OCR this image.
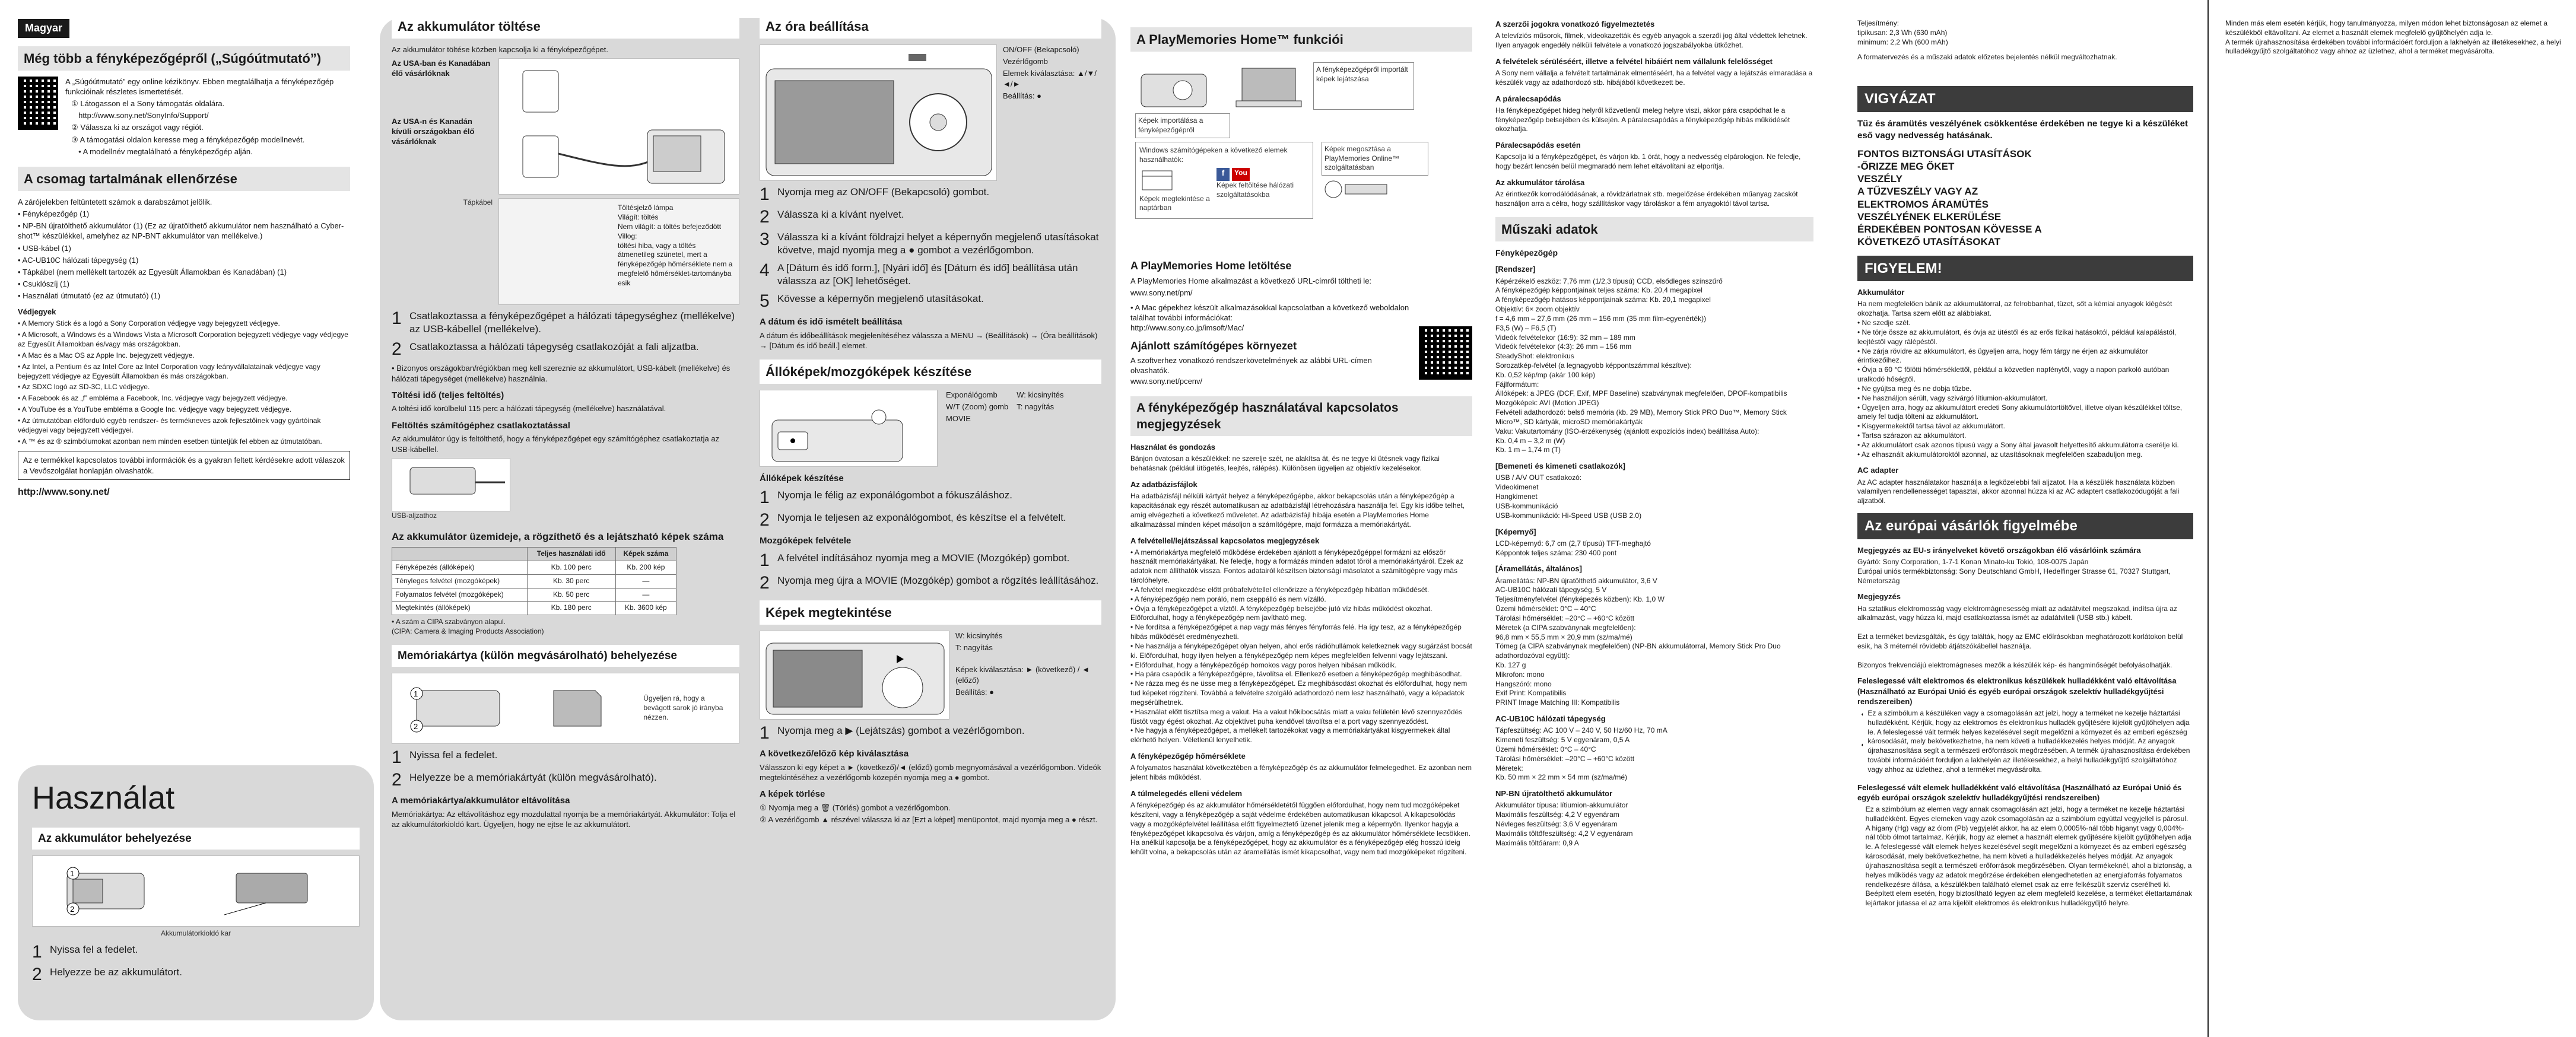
Magyar
Még több a fényképezőgépről („Súgóútmutató”)

A „Súgóútmutató” egy online kézikönyv. Ebben megtalálhatja a fényképezőgép funkcióinak részletes ismertetését.

① Látogasson el a Sony támogatás oldalára.

http://www.sony.net/SonyInfo/Support/

② Válassza ki az országot vagy régiót.

③ A támogatási oldalon keresse meg a fényképezőgép modellnevét.

• A modellnév megtalálható a fényképezőgép alján.

A csomag tartalmának ellenőrzése

A zárójelekben feltüntetett számok a darabszámot jelölik.

• Fényképezőgép (1)
• NP-BN újratölthető akkumulátor (1) (Ez az újratölthető akkumulátor nem használható a Cyber-shot™ készülékkel, amelyhez az NP-BNT akkumulátor van mellékelve.)
• USB-kábel (1)
• AC-UB10C hálózati tápegység (1)
• Tápkábel (nem mellékelt tartozék az Egyesült Államokban és Kanadában) (1)
• Csuklószíj (1)
• Használati útmutató (ez az útmutató) (1)
Védjegyek
• A Memory Stick és a logó a Sony Corporation védjegye vagy bejegyzett védjegye.
• A Microsoft, a Windows és a Windows Vista a Microsoft Corporation bejegyzett védjegye vagy védjegye az Egyesült Államokban és/vagy más országokban.
• A Mac és a Mac OS az Apple Inc. bejegyzett védjegye.
• Az Intel, a Pentium és az Intel Core az Intel Corporation vagy leányvállalatainak védjegye vagy bejegyzett védjegye az Egyesült Államokban és más országokban.
• Az SDXC logó az SD-3C, LLC védjegye.
• A Facebook és az „f” embléma a Facebook, Inc. védjegye vagy bejegyzett védjegye.
• A YouTube és a YouTube embléma a Google Inc. védjegye vagy bejegyzett védjegye.
• Az útmutatóban előforduló egyéb rendszer- és termékneves azok fejlesztőinek vagy gyártóinak védjegyei vagy bejegyzett védjegyei.
• A ™ és az ® szimbólumokat azonban nem minden esetben tüntetjük fel ebben az útmutatóban.
Az e termékkel kapcsolatos további információk és a gyakran feltett kérdésekre adott válaszok a Vevőszolgálat honlapján olvashatók.

http://www.sony.net/

Használat
Az akkumulátor behelyezése
1
2
Akkumulátorkioldó kar
1 Nyissa fel a fedelet.
2 Helyezze be az akkumulátort.
Az akkumulátor töltése

Az akkumulátor töltése közben kapcsolja ki a fényképezőgépet.

Az USA-ban és Kanadában élő vásárlóknak

Az USA-n és Kanadán kívüli országokban élő vásárlóknak

Tápkábel
Töltésjelző lámpa
Világít: töltés
Nem világít: a töltés befejeződött
Villog:
töltési hiba, vagy a töltés átmenetileg szünetel, mert a fényképezőgép hőmérséklete nem a megfelelő hőmérséklet-tartományba esik
1 Csatlakoztassa a fényképezőgépet a hálózati tápegységhez (mellékelve) az USB-kábellel (mellékelve).
2 Csatlakoztassa a hálózati tápegység csatlakozóját a fali aljzatba.

• Bizonyos országokban/régiókban meg kell szereznie az akkumulátort, USB-kábelt (mellékelve) és hálózati tápegységet (mellékelve) használnia.

Töltési idő (teljes feltöltés)

A töltési idő körülbelül 115 perc a hálózati tápegység (mellékelve) használatával.

Feltöltés számítógéphez csatlakoztatással

Az akkumulátor úgy is feltölthető, hogy a fényképezőgépet egy számítógéphez csatlakoztatja az USB-kábellel.

USB-aljzathoz
Az akkumulátor üzemideje, a rögzíthető és a lejátszható képek száma
	Teljes használati idő	Képek száma
Fényképezés (állóképek)	Kb. 100 perc	Kb. 200 kép
Tényleges felvétel (mozgóképek)	Kb. 30 perc	—
Folyamatos felvétel (mozgóképek)	Kb. 50 perc	—
Megtekintés (állóképek)	Kb. 180 perc	Kb. 3600 kép

• A szám a CIPA szabványon alapul.
(CIPA: Camera & Imaging Products Association)

Memóriakártya (külön megvásárolható) behelyezése
1
2
Ügyeljen rá, hogy a bevágott sarok jó irányba nézzen.
1 Nyissa fel a fedelet.
2 Helyezze be a memóriakártyát (külön megvásárolható).
A memóriakártya/akkumulátor eltávolítása

Memóriakártya: Az eltávolításhoz egy mozdulattal nyomja be a memóriakártyát. Akkumulátor: Tolja el az akkumulátorkioldó kart. Ügyeljen, hogy ne ejtse le az akkumulátort.

Az óra beállítása

ON/OFF (Bekapcsoló)

Vezérlőgomb

Elemek kiválasztása: ▲/▼/◄/►

Beállítás: ●

1 Nyomja meg az ON/OFF (Bekapcsoló) gombot.
2 Válassza ki a kívánt nyelvet.
3 Válassza ki a kívánt földrajzi helyet a képernyőn megjelenő utasításokat követve, majd nyomja meg a ● gombot a vezérlőgombon.
4 A [Dátum és idő form.], [Nyári idő] és [Dátum és idő] beállítása után válassza az [OK] lehetőséget.
5 Kövesse a képernyőn megjelenő utasításokat.
A dátum és idő ismételt beállítása

A dátum és időbeállítások megjelenítéséhez válassza a MENU → (Beállítások) → (Óra beállítások) → [Dátum és idő beáll.] elemet.

Állóképek/mozgóképek készítése

Exponálógomb

W/T (Zoom) gomb

MOVIE

W: kicsinyítés

T: nagyítás

Állóképek készítése
1 Nyomja le félig az exponálógombot a fókuszáláshoz.
2 Nyomja le teljesen az exponálógombot, és készítse el a felvételt.
Mozgóképek felvétele
1 A felvétel indításához nyomja meg a MOVIE (Mozgókép) gombot.
2 Nyomja meg újra a MOVIE (Mozgókép) gombot a rögzítés leállításához.
Képek megtekintése

W: kicsinyítés

T: nagyítás

Képek kiválasztása: ► (következő) / ◄ (előző)

Beállítás: ●

1 Nyomja meg a ▶ (Lejátszás) gombot a vezérlőgombon.
A következő/előző kép kiválasztása

Válasszon ki egy képet a ► (következő)/◄ (előző) gomb megnyomásával a vezérlőgombon. Videók megtekintéséhez a vezérlőgomb közepén nyomja meg a ● gombot.

A képek törlése

① Nyomja meg a 🗑 (Törlés) gombot a vezérlőgombon.

② A vezérlőgomb ▲ részével válassza ki az [Ezt a képet] menüpontot, majd nyomja meg a ● részt.

A PlayMemories Home™ funkciói
A fényképezőgépről importált képek lejátszása
Képek importálása a fényképezőgépről

Windows számítógépeken a következő elemek használhatók:

Képek megtekintése a naptárban

f	You

Képek feltöltése hálózati szolgáltatásokba

Képek megosztása a PlayMemories Online™ szolgáltatásban

A PlayMemories Home letöltése

A PlayMemories Home alkalmazást a következő URL-címről töltheti le:

www.sony.net/pm/

• A Mac gépekhez készült alkalmazásokkal kapcsolatban a következő weboldalon találhat további információkat:
http://www.sony.co.jp/imsoft/Mac/

Ajánlott számítógépes környezet

A szoftverhez vonatkozó rendszerkövetelmények az alábbi URL-címen olvashatók.
www.sony.net/pcenv/

A fényképezőgép használatával kapcsolatos megjegyzések

Használat és gondozás

Bánjon óvatosan a készülékkel: ne szerelje szét, ne alakítsa át, és ne tegye ki ütésnek vagy fizikai behatásnak (például ütögetés, leejtés, rálépés). Különösen ügyeljen az objektív kezelésekor.

Az adatbázisfájlok

Ha adatbázisfájl nélküli kártyát helyez a fényképezőgépbe, akkor bekapcsolás után a fényképezőgép a kapacitásának egy részét automatikusan az adatbázisfájl létrehozására használja fel. Egy kis időbe telhet, amíg elvégezheti a következő műveletet. Az adatbázisfájl hibája esetén a PlayMemories Home alkalmazással minden képet másoljon a számítógépre, majd formázza a memóriakártyát.

A felvétellel/lejátszással kapcsolatos megjegyzések

• A memóriakártya megfelelő működése érdekében ajánlott a fényképezőgéppel formázni az először használt memóriakártyákat. Ne feledje, hogy a formázás minden adatot töröl a memóriakártyáról. Ezek az adatok nem állíthatók vissza. Fontos adatairól készítsen biztonsági másolatot a számítógépre vagy más tárolóhelyre.
• A felvétel megkezdése előtt próbafelvétellel ellenőrizze a fényképezőgép hibátlan működését.
• A fényképezőgép nem poráló, nem cseppálló és nem vízálló.
• Óvja a fényképezőgépet a víztől. A fényképezőgép belsejébe jutó víz hibás működést okozhat. Előfordulhat, hogy a fényképezőgép nem javítható meg.
• Ne fordítsa a fényképezőgépet a nap vagy más fényes fényforrás felé. Ha így tesz, az a fényképezőgép hibás működését eredményezheti.
• Ne használja a fényképezőgépet olyan helyen, ahol erős rádióhullámok keletkeznek vagy sugárzást bocsát ki. Előfordulhat, hogy ilyen helyen a fényképezőgép nem képes megfelelően felvenni vagy lejátszani.
• Előfordulhat, hogy a fényképezőgép homokos vagy poros helyen hibásan működik.
• Ha pára csapódik a fényképezőgépre, távolítsa el. Ellenkező esetben a fényképezőgép meghibásodhat.
• Ne rázza meg és ne üsse meg a fényképezőgépet. Ez meghibásodást okozhat és előfordulhat, hogy nem tud képeket rögzíteni. Továbbá a felvételre szolgáló adathordozó nem lesz használható, vagy a képadatok megsérülhetnek.
• Használat előtt tisztítsa meg a vakut. Ha a vakut hőkibocsátás miatt a vaku felületén lévő szennyeződés füstöt vagy égést okozhat. Az objektívet puha kendővel távolítsa el a port vagy szennyeződést.
• Ne hagyja a fényképezőgépet, a mellékelt tartozékokat vagy a memóriakártyákat kisgyermekek által elérhető helyen. Véletlenül lenyelhetik.

A fényképezőgép hőmérséklete

A folyamatos használat következtében a fényképezőgép és az akkumulátor felmelegedhet. Ez azonban nem jelent hibás működést.

A túlmelegedés elleni védelem

A fényképezőgép és az akkumulátor hőmérsékletétől függően előfordulhat, hogy nem tud mozgóképeket készíteni, vagy a fényképezőgép a saját védelme érdekében automatikusan kikapcsol. A kikapcsolódás vagy a mozgóképfelvétel leállítása előtt figyelmeztető üzenet jelenik meg a képernyőn. Ilyenkor hagyja a fényképezőgépet kikapcsolva és várjon, amíg a fényképezőgép és az akkumulátor hőmérséklete lecsökken. Ha anélkül kapcsolja be a fényképezőgépet, hogy az akkumulátor és a fényképezőgép elég hosszú ideig lehűlt volna, a bekapcsolás után az áramellátás ismét kikapcsolhat, vagy nem tud mozgóképeket rögzíteni.

A szerzői jogokra vonatkozó figyelmeztetés

A televíziós műsorok, filmek, videokazetták és egyéb anyagok a szerzői jog által védettek lehetnek. Ilyen anyagok engedély nélküli felvétele a vonatkozó jogszabályokba ütközhet.

A felvételek sérüléséért, illetve a felvétel hibáiért nem vállalunk felelősséget

A Sony nem vállalja a felvételt tartalmának elmentéséért, ha a felvétel vagy a lejátszás elmaradása a készülék vagy az adathordozó stb. hibájából következett be.

A páralecsapódás

Ha fényképezőgépet hideg helyről közvetlenül meleg helyre viszi, akkor pára csapódhat le a fényképezőgép belsejében és külsején. A páralecsapódás a fényképezőgép hibás működését okozhatja.

Páralecsapódás esetén

Kapcsolja ki a fényképezőgépet, és várjon kb. 1 órát, hogy a nedvesség elpárologjon. Ne feledje, hogy bezárt lencsén belül megmaradó nem lehet eltávolítani az elporítja.

Az akkumulátor tárolása

Az érintkezők korrodálódásának, a rövidzárlatnak stb. megelőzése érdekében műanyag zacskót használjon arra a célra, hogy szállításkor vagy tároláskor a fém anyagoktól távol tartsa.

Műszaki adatok

Fényképezőgép

[Rendszer]

Képérzékelő eszköz: 7,76 mm (1/2,3 típusú) CCD, elsődleges színszűrő
A fényképezőgép képpontjainak teljes száma: Kb. 20,4 megapixel
A fényképezőgép hatásos képpontjainak száma: Kb. 20,1 megapixel
Objektív: 6× zoom objektív
f = 4,6 mm – 27,6 mm (26 mm – 156 mm (35 mm film-egyenérték))
F3,5 (W) – F6,5 (T)
Videók felvételekor (16:9): 32 mm – 189 mm
Videók felvételekor (4:3): 26 mm – 156 mm
SteadyShot: elektronikus
Sorozatkép-felvétel (a legnagyobb képpontszámmal készítve):
Kb. 0,52 kép/mp (akár 100 kép)
Fájlformátum:
Állóképek: a JPEG (DCF, Exif, MPF Baseline) szabványnak megfelelően, DPOF-kompatibilis
Mozgóképek: AVI (Motion JPEG)
Felvételi adathordozó: belső memória (kb. 29 MB), Memory Stick PRO Duo™, Memory Stick Micro™, SD kártyák, microSD memóriakártyák
Vaku: Vakutartomány (ISO-érzékenység (ajánlott expozíciós index) beállítása Auto):
Kb. 0,4 m – 3,2 m (W)
Kb. 1 m – 1,74 m (T)

[Bemeneti és kimeneti csatlakozók]

USB / A/V OUT csatlakozó:
Videokimenet
Hangkimenet
USB-kommunikáció
USB-kommunikáció: Hi-Speed USB (USB 2.0)

[Képernyő]

LCD-képernyő: 6,7 cm (2,7 típusú) TFT-meghajtó
Képpontok teljes száma: 230 400 pont

[Áramellátás, általános]

Áramellátás: NP-BN újratölthető akkumulátor, 3,6 V
AC-UB10C hálózati tápegység, 5 V
Teljesítményfelvétel (fényképezés közben): Kb. 1,0 W
Üzemi hőmérséklet: 0°C – 40°C
Tárolási hőmérséklet: –20°C – +60°C között
Méretek (a CIPA szabványnak megfelelően):
96,8 mm × 55,5 mm × 20,9 mm (sz/ma/mé)
Tömeg (a CIPA szabványnak megfelelően) (NP-BN akkumulátorral, Memory Stick Pro Duo adathordozóval együtt):
Kb. 127 g
Mikrofon: mono
Hangszóró: mono
Exif Print: Kompatibilis
PRINT Image Matching III: Kompatibilis

AC-UB10C hálózati tápegység

Tápfeszültség: AC 100 V – 240 V, 50 Hz/60 Hz, 70 mA
Kimeneti feszültség: 5 V egyenáram, 0,5 A
Üzemi hőmérséklet: 0°C – 40°C
Tárolási hőmérséklet: –20°C – +60°C között
Méretek:
Kb. 50 mm × 22 mm × 54 mm (sz/ma/mé)

NP-BN újratölthető akkumulátor

Akkumulátor típusa: lítiumion-akkumulátor
Maximális feszültség: 4,2 V egyenáram
Névleges feszültség: 3,6 V egyenáram
Maximális töltőfeszültség: 4,2 V egyenáram
Maximális töltőáram: 0,9 A

Teljesítmény:
tipikusan: 2,3 Wh (630 mAh)
minimum: 2,2 Wh (600 mAh)

A formatervezés és a műszaki adatok előzetes bejelentés nélkül megváltozhatnak.

VIGYÁZAT

Tűz és áramütés veszélyének csökkentése érdekében ne tegye ki a készüléket eső vagy nedvesség hatásának.

FONTOS BIZTONSÁGI UTASÍTÁSOK
-ŐRIZZE MEG ŐKET
VESZÉLY
A TŰZVESZÉLY VAGY AZ
ELEKTROMOS ÁRAMÜTÉS
VESZÉLYÉNEK ELKERÜLÉSE
ÉRDEKÉBEN PONTOSAN KÖVESSE A
KÖVETKEZŐ UTASÍTÁSOKAT

FIGYELEM!

Akkumulátor

Ha nem megfelelően bánik az akkumulátorral, az felrobbanhat, tüzet, sőt a kémiai anyagok kiégését okozhatja. Tartsa szem előtt az alábbiakat.
• Ne szedje szét.
• Ne törje össze az akkumulátort, és óvja az ütéstől és az erős fizikai hatásoktól, például kalapálástól, leejtéstől vagy rálépéstől.
• Ne zárja rövidre az akkumulátort, és ügyeljen arra, hogy fém tárgy ne érjen az akkumulátor érintkezőihez.
• Óvja a 60 °C fölötti hőmérséklettől, például a közvetlen napfénytől, vagy a napon parkoló autóban uralkodó hőségtől.
• Ne gyújtsa meg és ne dobja tűzbe.
• Ne használjon sérült, vagy szivárgó lítiumion-akkumulátort.
• Ügyeljen arra, hogy az akkumulátort eredeti Sony akkumulátortöltővel, illetve olyan készülékkel töltse, amely fel tudja tölteni az akkumulátort.
• Kisgyermekektől tartsa távol az akkumulátort.
• Tartsa szárazon az akkumulátort.
• Az akkumulátort csak azonos típusú vagy a Sony által javasolt helyettesítő akkumulátorra cserélje ki.
• Az elhasznált akkumulátoroktól azonnal, az utasításoknak megfelelően szabaduljon meg.

AC adapter

Az AC adapter használatakor használja a legközelebbi fali aljzatot. Ha a készülék használata közben valamilyen rendellenességet tapasztal, akkor azonnal húzza ki az AC adaptert csatlakozódugóját a fali aljzatból.

Az európai vásárlók figyelmébe

Megjegyzés az EU-s irányelveket követő országokban élő vásárlóink számára

Gyártó: Sony Corporation, 1-7-1 Konan Minato-ku Tokió, 108-0075 Japán
Európai uniós termékbiztonság: Sony Deutschland GmbH, Hedelfinger Strasse 61, 70327 Stuttgart, Németország

Megjegyzés

Ha sztatikus elektromosság vagy elektromágnesesség miatt az adatátvitel megszakad, indítsa újra az alkalmazást, vagy húzza ki, majd csatlakoztassa ismét az adatátviteli (USB stb.) kábelt.

Ezt a terméket bevizsgálták, és úgy találták, hogy az EMC előírásokban meghatározott korlátokon belül esik, ha 3 méternél rövidebb átjátszókábellel használja.

Bizonyos frekvenciájú elektromágneses mezők a készülék kép- és hangminőségét befolyásolhatják.

Feleslegessé vált elektromos és elektronikus készülékek hulladékként való eltávolítása (Használható az Európai Unió és egyéb európai országok szelektív hulladékgyűjtési rendszereiben)

Ez a szimbólum a készüléken vagy a csomagolásán azt jelzi, hogy a terméket ne kezelje háztartási hulladékként. Kérjük, hogy az elektromos és elektronikus hulladék gyűjtésére kijelölt gyűjtőhelyen adja le. A feleslegessé vált termék helyes kezelésével segít megelőzni a környezet és az emberi egészség károsodását, mely bekövetkezhetne, ha nem követi a hulladékkezelés helyes módját. Az anyagok újrahasznosítása segít a természeti erőforrások megőrzésében. A termék újrahasznosítása érdekében további információért forduljon a lakhelyén az illetékesekhez, a helyi hulladékgyűjtő szolgáltatóhoz vagy ahhoz az üzlethez, ahol a terméket megvásárolta.

Feleslegessé vált elemek hulladékként való eltávolítása (Használható az Európai Unió és egyéb európai országok szelektív hulladékgyűjtési rendszereiben)

Ez a szimbólum az elemen vagy annak csomagolásán azt jelzi, hogy a terméket ne kezelje háztartási hulladékként. Egyes elemeken vagy azok csomagolásán az a szimbólum egyúttal vegyjellel is párosul. A higany (Hg) vagy az ólom (Pb) vegyjelét akkor, ha az elem 0,0005%-nál több higanyt vagy 0,004%-nál több ólmot tartalmaz. Kérjük, hogy az elemet a használt elemek gyűjtésére kijelölt gyűjtőhelyen adja le. A feleslegessé vált elemek helyes kezelésével segít megelőzni a környezet és az emberi egészség károsodását, mely bekövetkezhetne, ha nem követi a hulladékkezelés helyes módját. Az anyagok újrahasznosítása segít a természeti erőforrások megőrzésében. Olyan termékeknél, ahol a biztonság, a helyes működés vagy az adatok megőrzése érdekében elengedhetetlen az energiaforrás folyamatos rendelkezésre állása, a készülékben található elemet csak az erre felkészült szerviz cserélheti ki. Beépített elem esetén, hogy biztosítható legyen az elem megfelelő kezelése, a terméket élettartamának lejártakor jutassa el az arra kijelölt elektromos és elektronikus hulladékgyűjtő helyre.

Minden más elem esetén kérjük, hogy tanulmányozza, milyen módon lehet biztonságosan az elemet a készülékből eltávolítani. Az elemet a használt elemek megfelelő gyűjtőhelyén adja le.
A termék újrahasznosítása érdekében további információért forduljon a lakhelyén az illetékesekhez, a helyi hulladékgyűjtő szolgáltatóhoz vagy ahhoz az üzlethez, ahol a terméket megvásárolta.
